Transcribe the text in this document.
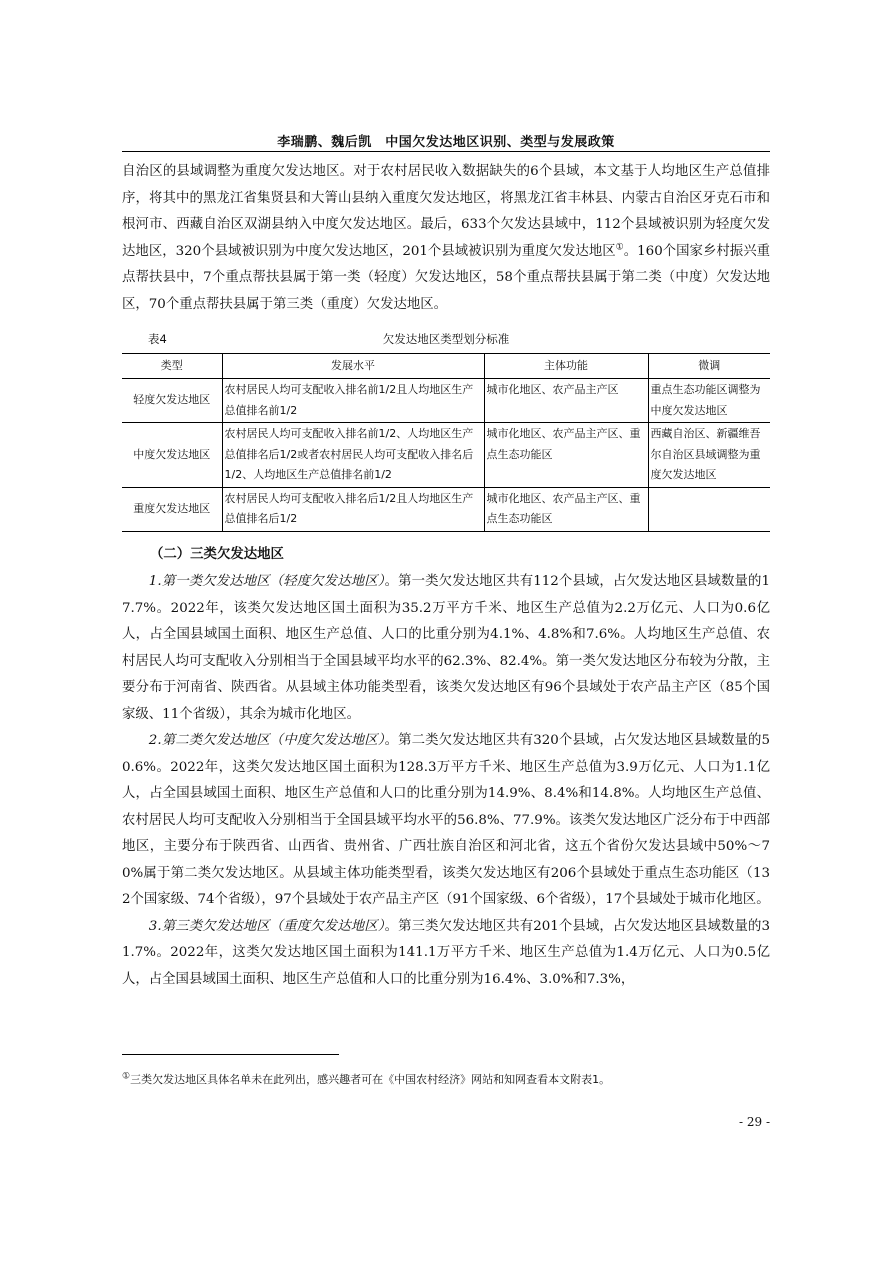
李瑞鹏、魏后凯　中国欠发达地区识别、类型与发展政策

自治区的县域调整为重度欠发达地区。对于农村居民收入数据缺失的6个县域，本文基于人均地区生产总值排序，将其中的黑龙江省集贤县和大箐山县纳入重度欠发达地区，将黑龙江省丰林县、内蒙古自治区牙克石市和根河市、西藏自治区双湖县纳入中度欠发达地区。最后，633个欠发达县域中，112个县域被识别为轻度欠发达地区，320个县域被识别为中度欠发达地区，201个县域被识别为重度欠发达地区①。160个国家乡村振兴重点帮扶县中，7个重点帮扶县属于第一类（轻度）欠发达地区，58个重点帮扶县属于第二类（中度）欠发达地区，70个重点帮扶县属于第三类（重度）欠发达地区。

表4	欠发达地区类型划分标准
类型	发展水平	主体功能	微调
轻度欠发达地区	农村居民人均可支配收入排名前1/2且人均地区生产总值排名前1/2	城市化地区、农产品主产区	重点生态功能区调整为中度欠发达地区
中度欠发达地区	农村居民人均可支配收入排名前1/2、人均地区生产总值排名后1/2或者农村居民人均可支配收入排名后1/2、人均地区生产总值排名前1/2	城市化地区、农产品主产区、重点生态功能区	西藏自治区、新疆维吾尔自治区县域调整为重度欠发达地区
重度欠发达地区	农村居民人均可支配收入排名后1/2且人均地区生产总值排名后1/2	城市化地区、农产品主产区、重点生态功能区	
（二）三类欠发达地区

1.第一类欠发达地区（轻度欠发达地区）。第一类欠发达地区共有112个县域，占欠发达地区县域数量的17.7%。2022年，该类欠发达地区国土面积为35.2万平方千米、地区生产总值为2.2万亿元、人口为0.6亿人，占全国县域国土面积、地区生产总值、人口的比重分别为4.1%、4.8%和7.6%。人均地区生产总值、农村居民人均可支配收入分别相当于全国县域平均水平的62.3%、82.4%。第一类欠发达地区分布较为分散，主要分布于河南省、陕西省。从县域主体功能类型看，该类欠发达地区有96个县域处于农产品主产区（85个国家级、11个省级），其余为城市化地区。

2.第二类欠发达地区（中度欠发达地区）。第二类欠发达地区共有320个县域，占欠发达地区县域数量的50.6%。2022年，这类欠发达地区国土面积为128.3万平方千米、地区生产总值为3.9万亿元、人口为1.1亿人，占全国县域国土面积、地区生产总值和人口的比重分别为14.9%、8.4%和14.8%。人均地区生产总值、农村居民人均可支配收入分别相当于全国县域平均水平的56.8%、77.9%。该类欠发达地区广泛分布于中西部地区，主要分布于陕西省、山西省、贵州省、广西壮族自治区和河北省，这五个省份欠发达县域中50%～70%属于第二类欠发达地区。从县域主体功能类型看，该类欠发达地区有206个县域处于重点生态功能区（132个国家级、74个省级），97个县域处于农产品主产区（91个国家级、6个省级），17个县域处于城市化地区。

3.第三类欠发达地区（重度欠发达地区）。第三类欠发达地区共有201个县域，占欠发达地区县域数量的31.7%。2022年，这类欠发达地区国土面积为141.1万平方千米、地区生产总值为1.4万亿元、人口为0.5亿人，占全国县域国土面积、地区生产总值和人口的比重分别为16.4%、3.0%和7.3%，

①三类欠发达地区具体名单未在此列出，感兴趣者可在《中国农村经济》网站和知网查看本文附表1。
- 29 -
